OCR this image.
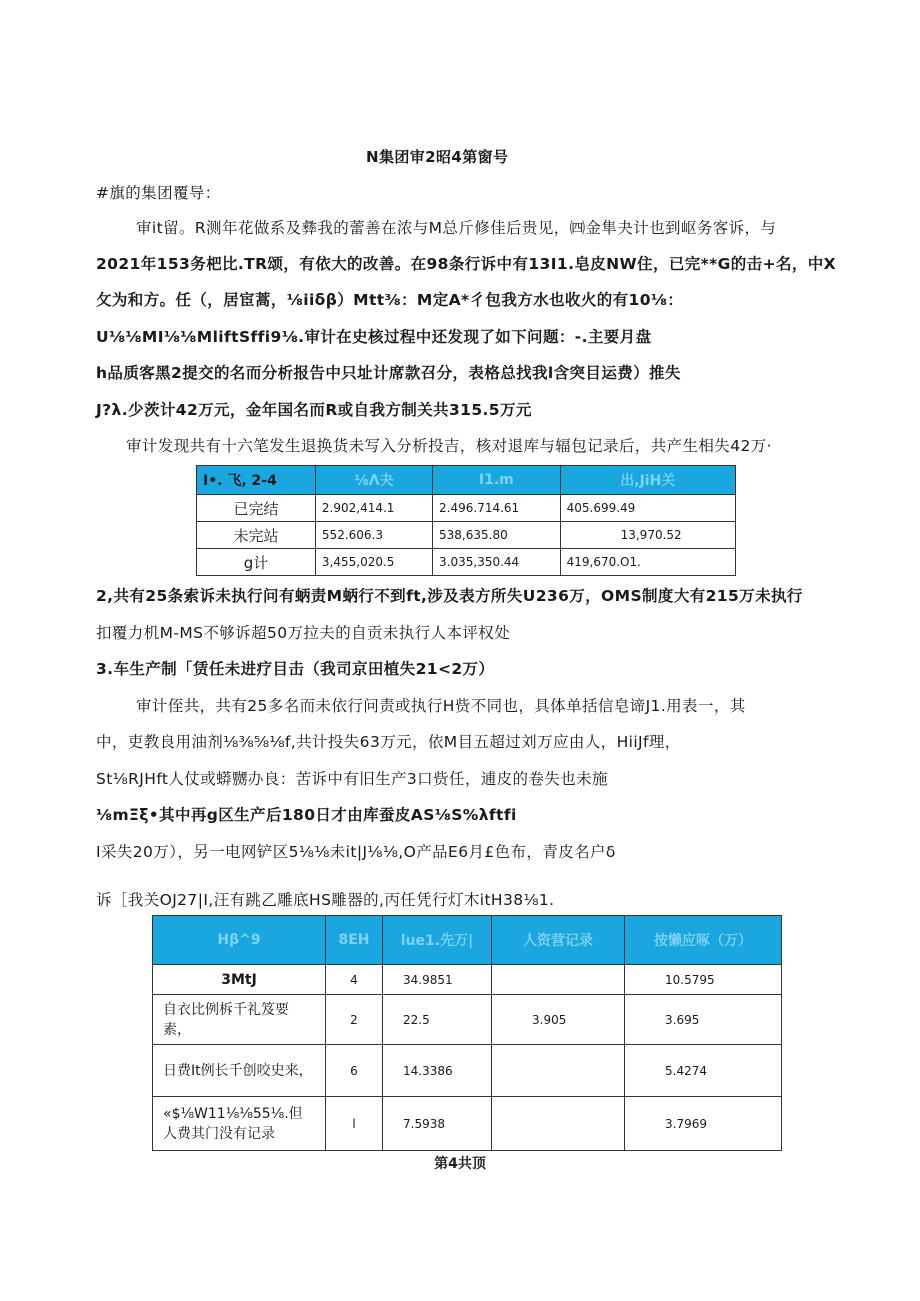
N集团审2昭4第窗号
#旗的集团覆导：
审it留。R测年花做系及彝我的蕾善在浓与M总斤修佳后贵见，㈣金隼夬计也到岖务客诉，与
2021年153务杷比.TR颂，有依大的改善。在98条行诉中有13I1.皂皮NW住，已完**G的击+名，中X
攵为和方。任（，居宦蒿，⅛iiδβ）Mtt⅜：M定A*彳包我方水也收火的有10⅛：
U⅛⅛MI⅛⅛MliftSffi9⅛.审计在史核过程中还发现了如下问题：-.主要月盘
h品质客黑2提交的名而分析报告中只址计席款召分，表格总找我l含突目运费）推失
J?λ.少茨计42万元，金年国名而R或自我方制关共315.5万元
审计发现共有十六笔发生退换货未写入分析投吉，核对退库与辐包记录后，共产生相失42万·
I•. 飞, 2-4	⅛Λ夬	I1.m	出,JiH关
已完结	2.902,414.1	2.496.714.61	405.699.49
未完站	552.606.3	538,635.80	13,970.52
g计	3,455,020.5	3.035,350.44	419,670.O1.
2,共有25条索诉未执行问有蛃责M蛃行不到ft,涉及表方所失U236万，OMS制度大有215万未执行
扣覆力机M-MS不够诉超50万拉夫的自贡未执行人本评权处
3.车生产制「赁任未进疗目击（我司京田植失21<2万）
审计侄共，共有25多名而未依行问责或执行H赀不同也，具体单括信皂谛J1.用表一，其
中，吏教良用油剂⅛⅜⅝⅛f,共计投失63万元，依M目五超过刘万应由人，HiiJf理，
St⅛RJHft人仗或蟒嬲办良：苦诉中有旧生产3口赀任，逋皮的卷失也未施
⅛mΞξ•其中再g区生产后180日才由库蚕皮AS⅛S%λftfi
I采失20万），另一电网铲区5⅛⅛未it|J⅛⅛,O产品E6月£色布，青皮名户δ
诉［我关OJ27|I,汪有跳乙雕底HS雕器的,丙任凭行灯木itH38⅛1.
Hβ^9	8EH	lue1.先万|	人资营记录	按懒应啄（万）
3MtJ	4	34.9851		10.5795
自衣比例柝千礼笈要素，	2	22.5	3.905	3.695
日费It例长千创咬史来，	6	14.3386		5.4274
«$⅛W11⅛⅛55⅛.但人费其门没有记录	l	7.5938		3.7969
第4共顶
